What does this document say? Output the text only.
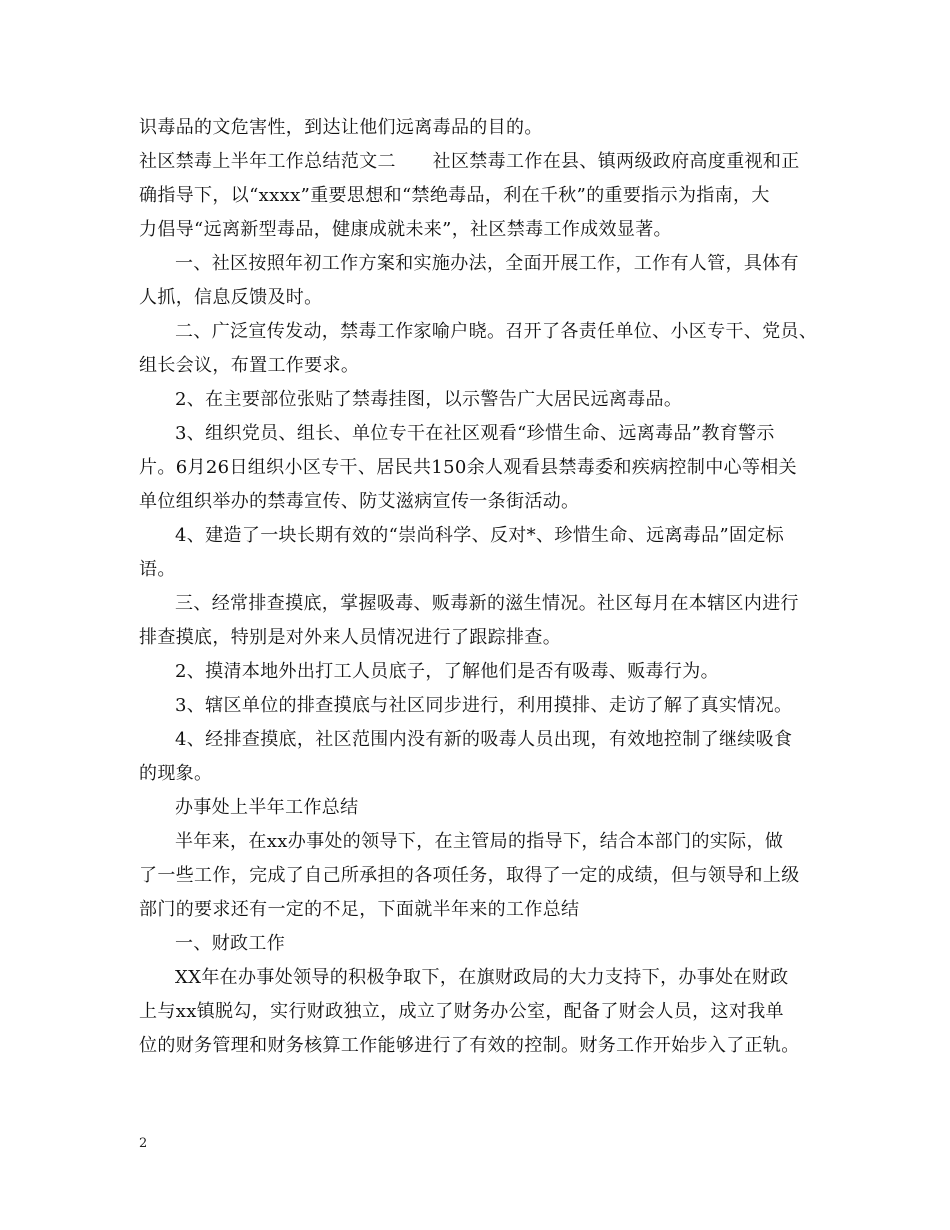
识毒品的文危害性，到达让他们远离毒品的目的。
社区禁毒上半年工作总结范文二　　社区禁毒工作在县、镇两级政府高度重视和正
确指导下，以“xxxx”重要思想和“禁绝毒品，利在千秋”的重要指示为指南，大
力倡导“远离新型毒品，健康成就未来”，社区禁毒工作成效显著。
一、社区按照年初工作方案和实施办法，全面开展工作，工作有人管，具体有
人抓，信息反馈及时。
二、广泛宣传发动，禁毒工作家喻户晓。召开了各责任单位、小区专干、党员、
组长会议，布置工作要求。
2、在主要部位张贴了禁毒挂图，以示警告广大居民远离毒品。
3、组织党员、组长、单位专干在社区观看“珍惜生命、远离毒品”教育警示
片。6月26日组织小区专干、居民共150余人观看县禁毒委和疾病控制中心等相关
单位组织举办的禁毒宣传、防艾滋病宣传一条街活动。
4、建造了一块长期有效的“崇尚科学、反对*、珍惜生命、远离毒品”固定标
语。
三、经常排查摸底，掌握吸毒、贩毒新的滋生情况。社区每月在本辖区内进行
排查摸底，特别是对外来人员情况进行了跟踪排查。
2、摸清本地外出打工人员底子，了解他们是否有吸毒、贩毒行为。
3、辖区单位的排查摸底与社区同步进行，利用摸排、走访了解了真实情况。
4、经排查摸底，社区范围内没有新的吸毒人员出现，有效地控制了继续吸食
的现象。
办事处上半年工作总结
半年来，在xx办事处的领导下，在主管局的指导下，结合本部门的实际，做
了一些工作，完成了自己所承担的各项任务，取得了一定的成绩，但与领导和上级
部门的要求还有一定的不足，下面就半年来的工作总结
一、财政工作
XX年在办事处领导的积极争取下，在旗财政局的大力支持下，办事处在财政
上与xx镇脱勾，实行财政独立，成立了财务办公室，配备了财会人员，这对我单
位的财务管理和财务核算工作能够进行了有效的控制。财务工作开始步入了正轨。
2
